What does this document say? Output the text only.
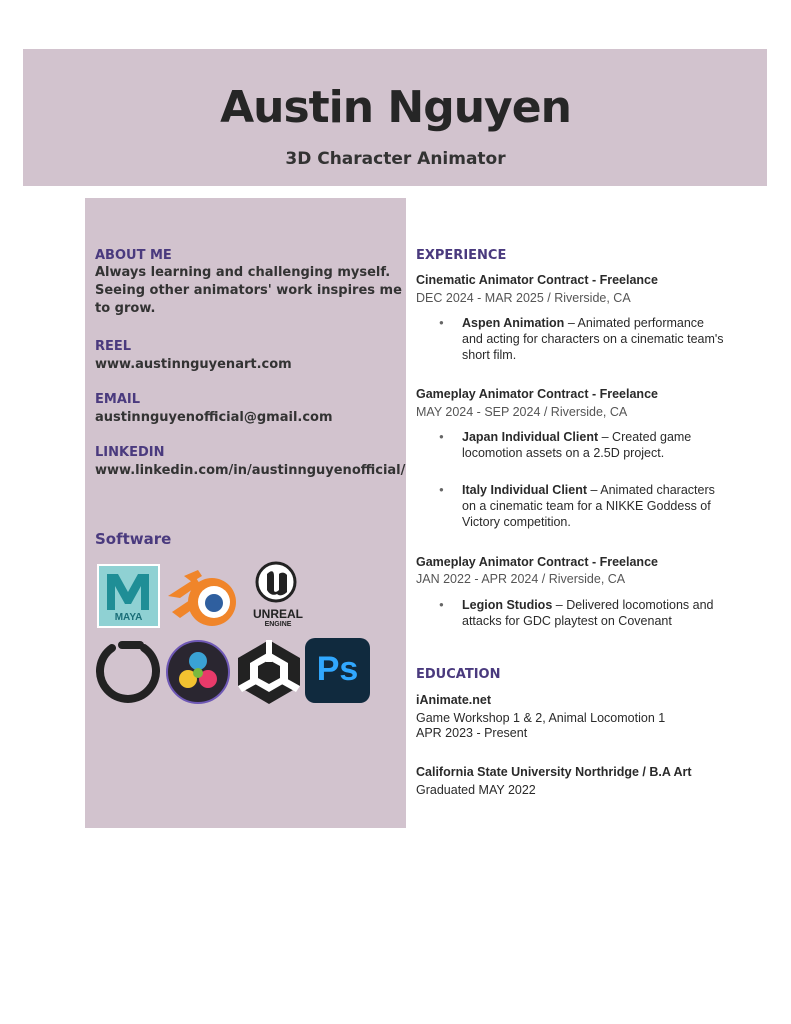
Austin Nguyen
3D Character Animator
ABOUT ME
Always learning and challenging myself.
Seeing other animators' work inspires me
to grow.
REEL
www.austinnguyenart.com
EMAIL
austinnguyenofficial@gmail.com
LINKEDIN
www.linkedin.com/in/austinnguyenofficial/
Software
MAYA	UNREAL
ENGINE
Ps
EXPERIENCE
Cinematic Animator Contract - Freelance
DEC 2024 - MAR 2025 / Riverside, CA
● Aspen Animation – Animated performance
and acting for characters on a cinematic team's
short film.
Gameplay Animator Contract - Freelance
MAY 2024 - SEP 2024 / Riverside, CA
● Japan Individual Client – Created game
locomotion assets on a 2.5D project.
● Italy Individual Client – Animated characters
on a cinematic team for a NIKKE Goddess of
Victory competition.
Gameplay Animator Contract - Freelance
JAN 2022 - APR 2024 / Riverside, CA
● Legion Studios – Delivered locomotions and
attacks for GDC playtest on Covenant
EDUCATION
iAnimate.net
Game Workshop 1 & 2, Animal Locomotion 1
APR 2023 - Present
California State University Northridge / B.A Art
Graduated MAY 2022
